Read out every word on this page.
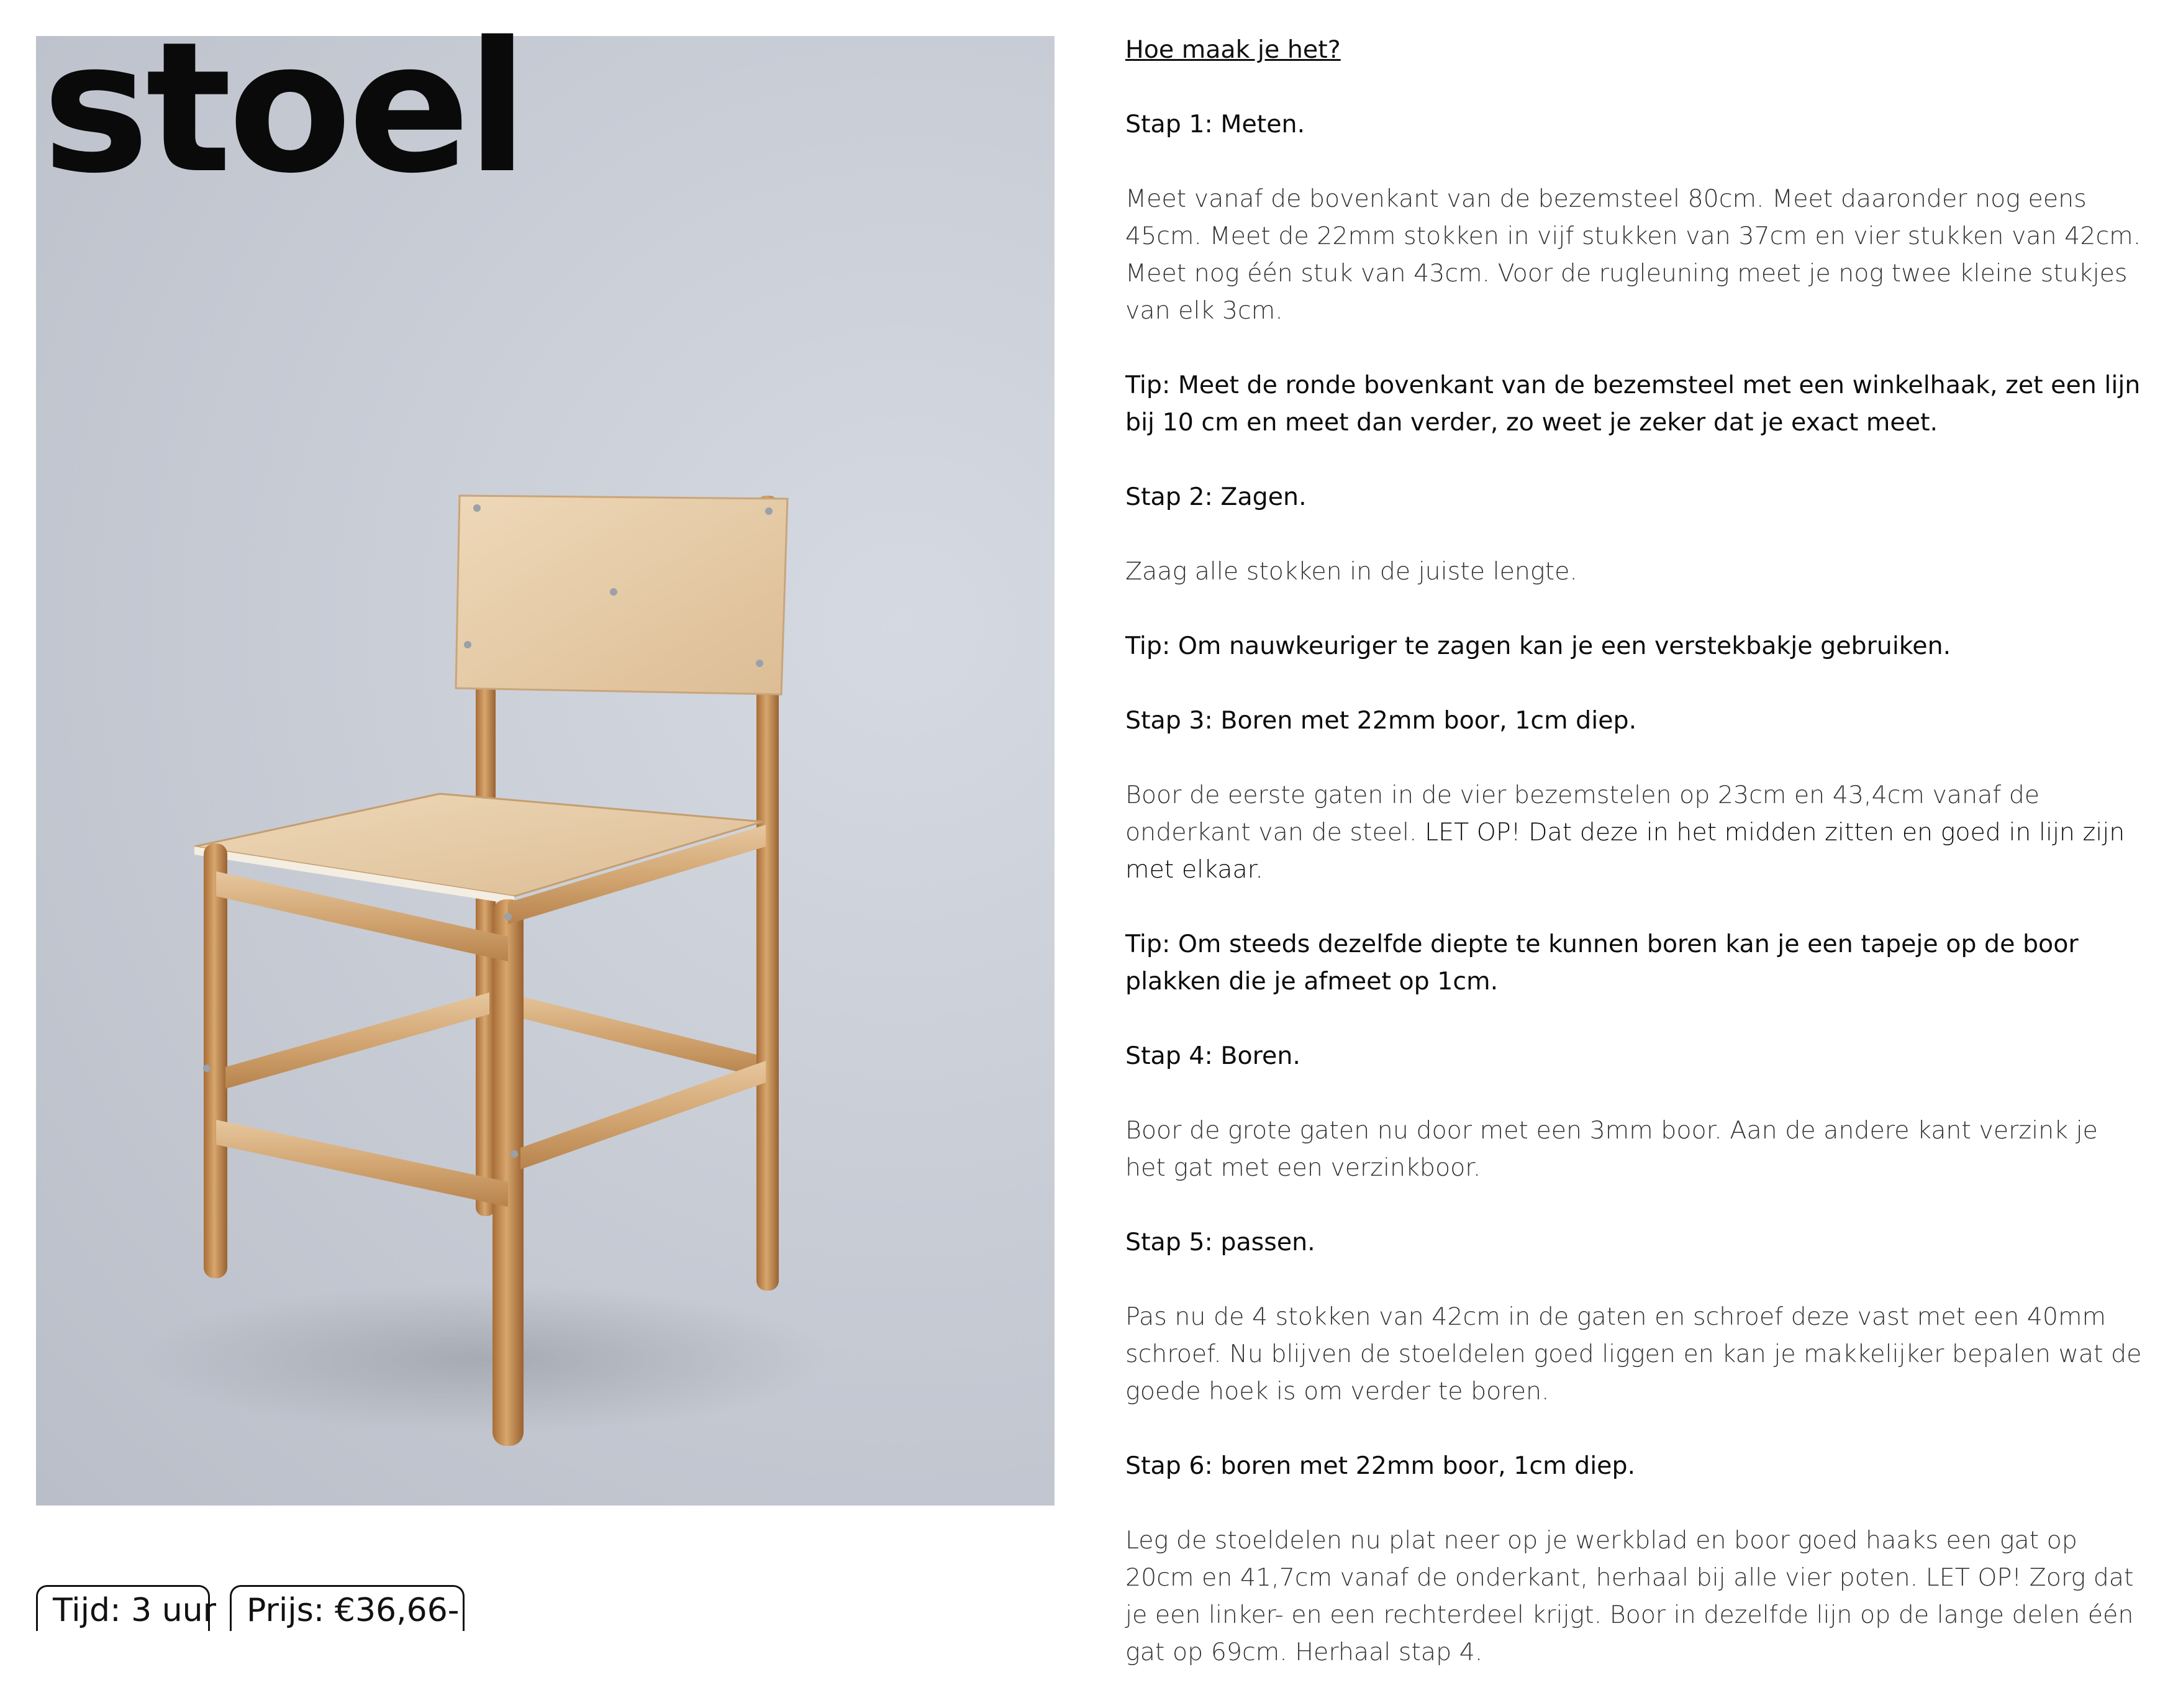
stoel
Tijd: 3 uur Prijs: €36,66-

Hoe maak je het?

Stap 1: Meten.

Meet vanaf de bovenkant van de bezemsteel 80cm. Meet daaronder nog eens 45cm. Meet de 22mm stokken in vijf stukken van 37cm en vier stukken van 42cm. Meet nog één stuk van 43cm. Voor de rugleuning meet je nog twee kleine stukjes van elk 3cm.

Tip: Meet de ronde bovenkant van de bezemsteel met een winkelhaak, zet een lijn bij 10 cm en meet dan verder, zo weet je zeker dat je exact meet.

Stap 2: Zagen.

Zaag alle stokken in de juiste lengte.

Tip: Om nauwkeuriger te zagen kan je een verstekbakje gebruiken.

Stap 3: Boren met 22mm boor, 1cm diep.

Boor de eerste gaten in de vier bezemstelen op 23cm en 43,4cm vanaf de onderkant van de steel. LET OP! Dat deze in het midden zitten en goed in lijn zijn met elkaar.

Tip: Om steeds dezelfde diepte te kunnen boren kan je een tapeje op de boor plakken die je afmeet op 1cm.

Stap 4: Boren.

Boor de grote gaten nu door met een 3mm boor. Aan de andere kant verzink je het gat met een verzinkboor.

Stap 5: passen.

Pas nu de 4 stokken van 42cm in de gaten en schroef deze vast met een 40mm schroef. Nu blijven de stoeldelen goed liggen en kan je makkelijker bepalen wat de goede hoek is om verder te boren.

Stap 6: boren met 22mm boor, 1cm diep.

Leg de stoeldelen nu plat neer op je werkblad en boor goed haaks een gat op 20cm en 41,7cm vanaf de onderkant, herhaal bij alle vier poten. LET OP! Zorg dat je een linker- en een rechterdeel krijgt. Boor in dezelfde lijn op de lange delen één gat op 69cm. Herhaal stap 4.
